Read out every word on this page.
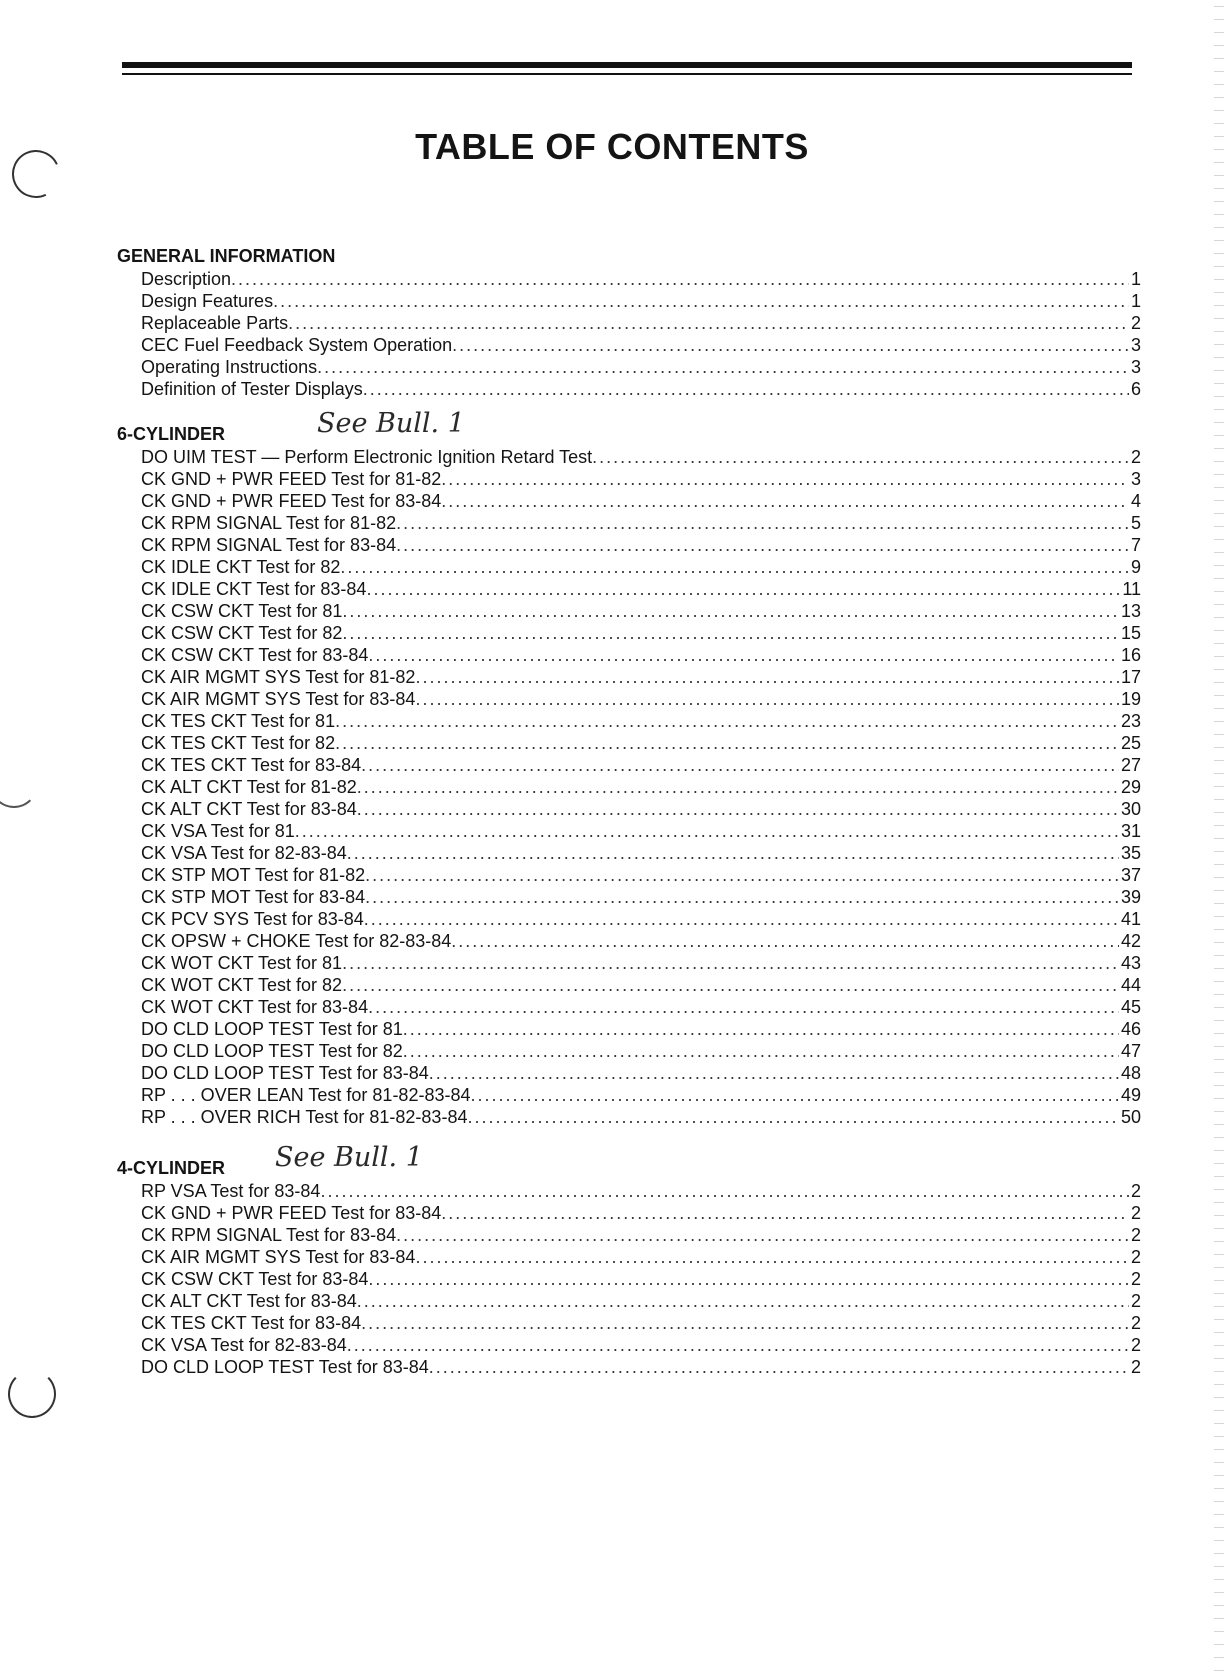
TABLE OF CONTENTS
GENERAL INFORMATION
Description .....	1
Design Features .....	1
Replaceable Parts .....	2
CEC Fuel Feedback System Operation .....	3
Operating Instructions .....	3
Definition of Tester Displays .....	6
6-CYLINDER	See Bull. 1
DO UIM TEST — Perform Electronic Ignition Retard Test .....	2
CK GND + PWR FEED Test for 81-82 .....	3
CK GND + PWR FEED Test for 83-84 .....	4
CK RPM SIGNAL Test for 81-82 .....	5
CK RPM SIGNAL Test for 83-84 .....	7
CK IDLE CKT Test for 82 .....	9
CK IDLE CKT Test for 83-84 .....	11
CK CSW CKT Test for 81 .....	13
CK CSW CKT Test for 82 .....	15
CK CSW CKT Test for 83-84 .....	16
CK AIR MGMT SYS Test for 81-82 .....	17
CK AIR MGMT SYS Test for 83-84 .....	19
CK TES CKT Test for 81 .....	23
CK TES CKT Test for 82 .....	25
CK TES CKT Test for 83-84 .....	27
CK ALT CKT Test for 81-82 .....	29
CK ALT CKT Test for 83-84 .....	30
CK VSA Test for 81 .....	31
CK VSA Test for 82-83-84 .....	35
CK STP MOT Test for 81-82 .....	37
CK STP MOT Test for 83-84 .....	39
CK PCV SYS Test for 83-84 .....	41
CK OPSW + CHOKE Test for 82-83-84 .....	42
CK WOT CKT Test for 81 .....	43
CK WOT CKT Test for 82 .....	44
CK WOT CKT Test for 83-84 .....	45
DO CLD LOOP TEST Test for 81 .....	46
DO CLD LOOP TEST Test for 82 .....	47
DO CLD LOOP TEST Test for 83-84 .....	48
RP . . . OVER LEAN Test for 81-82-83-84 .....	49
RP . . . OVER RICH Test for 81-82-83-84 .....	50
4-CYLINDER See Bull. 1
RP VSA Test for 83-84 .....	2
CK GND + PWR FEED Test for 83-84 .....	2
CK RPM SIGNAL Test for 83-84 .....	2
CK AIR MGMT SYS Test for 83-84 .....	2
CK CSW CKT Test for 83-84 .....	2
CK ALT CKT Test for 83-84 .....	2
CK TES CKT Test for 83-84 .....	2
CK VSA Test for 82-83-84 .....	2
DO CLD LOOP TEST Test for 83-84 .....	2
